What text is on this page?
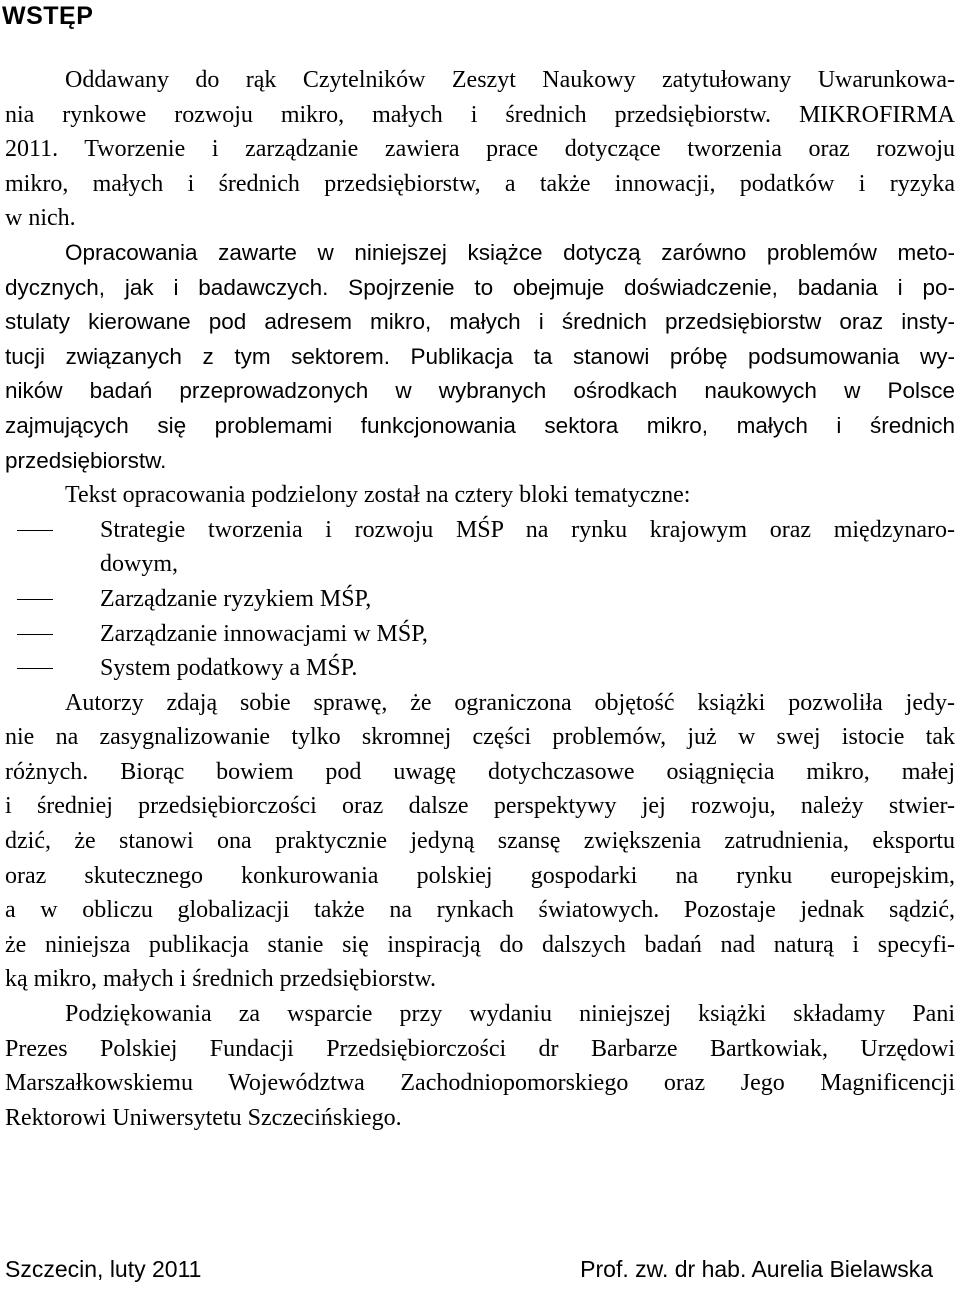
WSTĘP
Oddawany do rąk Czytelników Zeszyt Naukowy zatytułowany Uwarunkowa-
nia rynkowe rozwoju mikro, małych i średnich przedsiębiorstw. MIKROFIRMA
2011. Tworzenie i zarządzanie zawiera prace dotyczące tworzenia oraz rozwoju
mikro, małych i średnich przedsiębiorstw, a także innowacji, podatków i ryzyka
w nich.
Opracowania zawarte w niniejszej książce dotyczą zarówno problemów meto-
dycznych, jak i badawczych. Spojrzenie to obejmuje doświadczenie, badania i po-
stulaty kierowane pod adresem mikro, małych i średnich przedsiębiorstw oraz insty-
tucji związanych z tym sektorem. Publikacja ta stanowi próbę podsumowania wy-
ników badań przeprowadzonych w wybranych ośrodkach naukowych w Polsce
zajmujących się problemami funkcjonowania sektora mikro, małych i średnich
przedsiębiorstw.
Tekst opracowania podzielony został na cztery bloki tematyczne:
Strategie tworzenia i rozwoju MŚP na rynku krajowym oraz międzynaro-
dowym,
Zarządzanie ryzykiem MŚP,
Zarządzanie innowacjami w MŚP,
System podatkowy a MŚP.
Autorzy zdają sobie sprawę, że ograniczona objętość książki pozwoliła jedy-
nie na zasygnalizowanie tylko skromnej części problemów, już w swej istocie tak
różnych. Biorąc bowiem pod uwagę dotychczasowe osiągnięcia mikro, małej
i średniej przedsiębiorczości oraz dalsze perspektywy jej rozwoju, należy stwier-
dzić, że stanowi ona praktycznie jedyną szansę zwiększenia zatrudnienia, eksportu
oraz skutecznego konkurowania polskiej gospodarki na rynku europejskim,
a w obliczu globalizacji także na rynkach światowych. Pozostaje jednak sądzić,
że niniejsza publikacja stanie się inspiracją do dalszych badań nad naturą i specyfi-
ką mikro, małych i średnich przedsiębiorstw.
Podziękowania za wsparcie przy wydaniu niniejszej książki składamy Pani
Prezes Polskiej Fundacji Przedsiębiorczości dr Barbarze Bartkowiak, Urzędowi
Marszałkowskiemu Województwa Zachodniopomorskiego oraz Jego Magnificencji
Rektorowi Uniwersytetu Szczecińskiego.
Szczecin, luty 2011	Prof. zw. dr hab. Aurelia Bielawska
